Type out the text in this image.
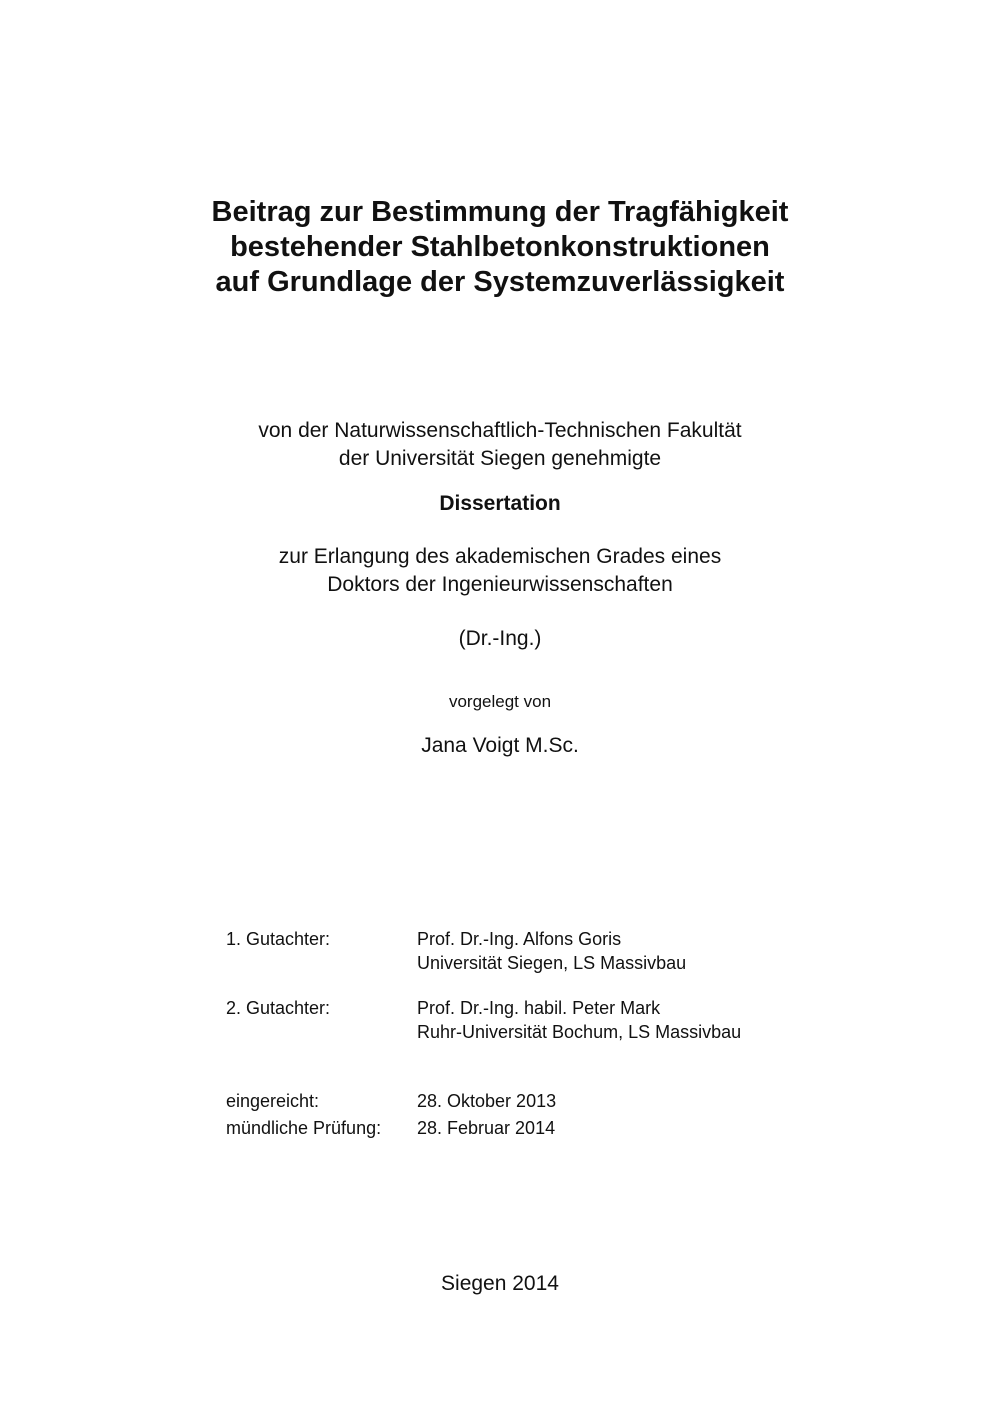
Beitrag zur Bestimmung der Tragfähigkeit
bestehender Stahlbetonkonstruktionen
auf Grundlage der Systemzuverlässigkeit

von der Naturwissenschaftlich-Technischen Fakultät
der Universität Siegen genehmigte

Dissertation

zur Erlangung des akademischen Grades eines
Doktors der Ingenieurwissenschaften

(Dr.-Ing.)

vorgelegt von

Jana Voigt M.Sc.

1. Gutachter:	Prof. Dr.-Ing. Alfons Goris
Universität Siegen, LS Massivbau
2. Gutachter:	Prof. Dr.-Ing. habil. Peter Mark
Ruhr-Universität Bochum, LS Massivbau
eingereicht:	28. Oktober 2013
mündliche Prüfung: 28. Februar 2014

Siegen 2014
